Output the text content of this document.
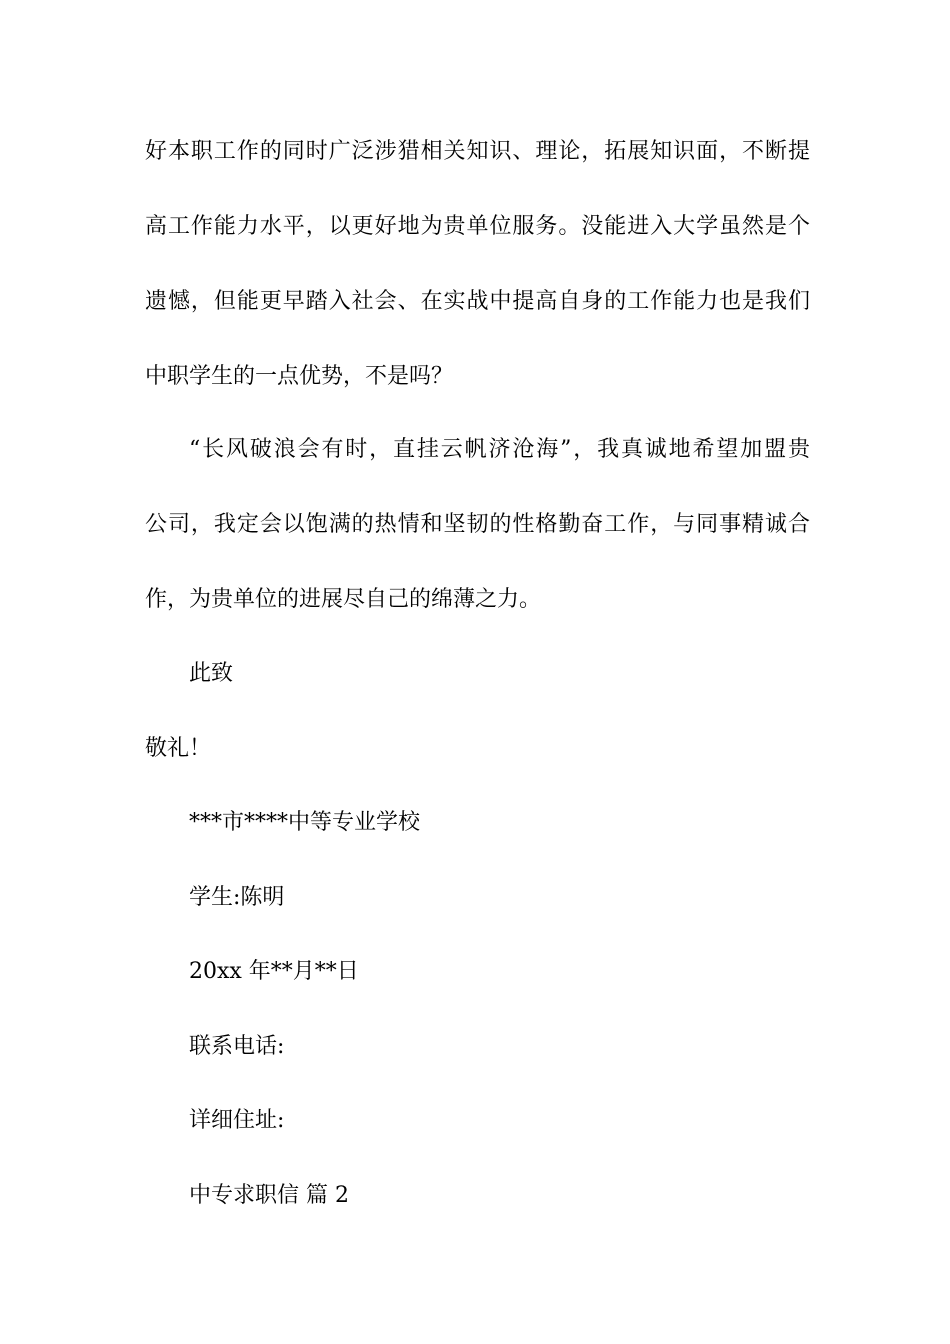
好本职工作的同时广泛涉猎相关知识、理论，拓展知识面，不断提
高工作能力水平，以更好地为贵单位服务。没能进入大学虽然是个
遗憾，但能更早踏入社会、在实战中提高自身的工作能力也是我们
中职学生的一点优势，不是吗？
“长风破浪会有时，直挂云帆济沧海”，我真诚地希望加盟贵
公司，我定会以饱满的热情和坚韧的性格勤奋工作，与同事精诚合
作，为贵单位的进展尽自己的绵薄之力。
此致
敬礼！
***市****中等专业学校
学生:陈明
20xx 年**月**日
联系电话:
详细住址:
中专求职信 篇 2
